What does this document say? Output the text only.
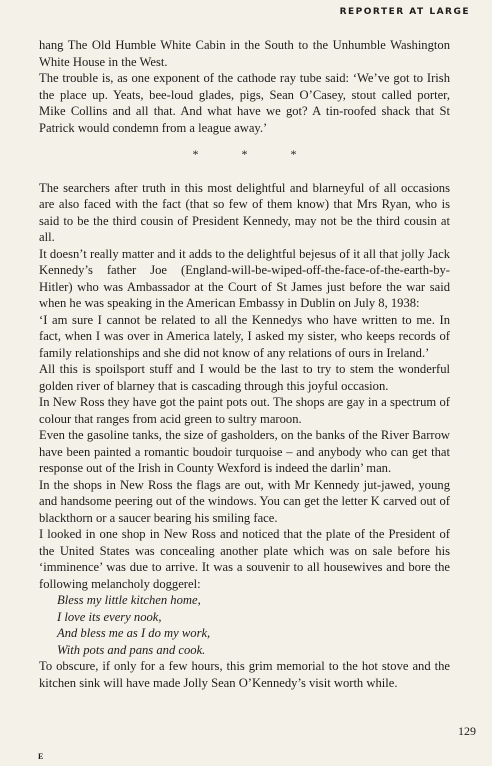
REPORTER AT LARGE

hang The Old Humble White Cabin in the South to the Unhumble Washington White House in the West.

The trouble is, as one exponent of the cathode ray tube said: ‘We’ve got to Irish the place up. Yeats, bee-loud glades, pigs, Sean O’Casey, stout called porter, Mike Collins and all that. And what have we got? A tin-roofed shack that St Patrick would condemn from a league away.’

* * *

The searchers after truth in this most delightful and blarneyful of all occasions are also faced with the fact (that so few of them know) that Mrs Ryan, who is said to be the third cousin of President Kennedy, may not be the third cousin at all.

It doesn’t really matter and it adds to the delightful bejesus of it all that jolly Jack Kennedy’s father Joe (England-will-be-wiped-off-the-face-of-the-earth-by-Hitler) who was Ambassador at the Court of St James just before the war said when he was speaking in the American Embassy in Dublin on July 8, 1938:

‘I am sure I cannot be related to all the Kennedys who have written to me. In fact, when I was over in America lately, I asked my sister, who keeps records of family relationships and she did not know of any relations of ours in Ireland.’

All this is spoilsport stuff and I would be the last to try to stem the wonderful golden river of blarney that is cascading through this joyful occasion.

In New Ross they have got the paint pots out. The shops are gay in a spectrum of colour that ranges from acid green to sultry maroon.

Even the gasoline tanks, the size of gasholders, on the banks of the River Barrow have been painted a romantic boudoir turquoise – and anybody who can get that response out of the Irish in County Wexford is indeed the darlin’ man.

In the shops in New Ross the flags are out, with Mr Kennedy jut-jawed, young and handsome peering out of the windows. You can get the letter K carved out of blackthorn or a saucer bearing his smiling face.

I looked in one shop in New Ross and noticed that the plate of the President of the United States was concealing another plate which was on sale before his ‘imminence’ was due to arrive. It was a souvenir to all housewives and bore the following melancholy doggerel:

Bless my little kitchen home,

I love its every nook,

And bless me as I do my work,

With pots and pans and cook.

To obscure, if only for a few hours, this grim memorial to the hot stove and the kitchen sink will have made Jolly Sean O’Kennedy’s visit worth while.

129
E
